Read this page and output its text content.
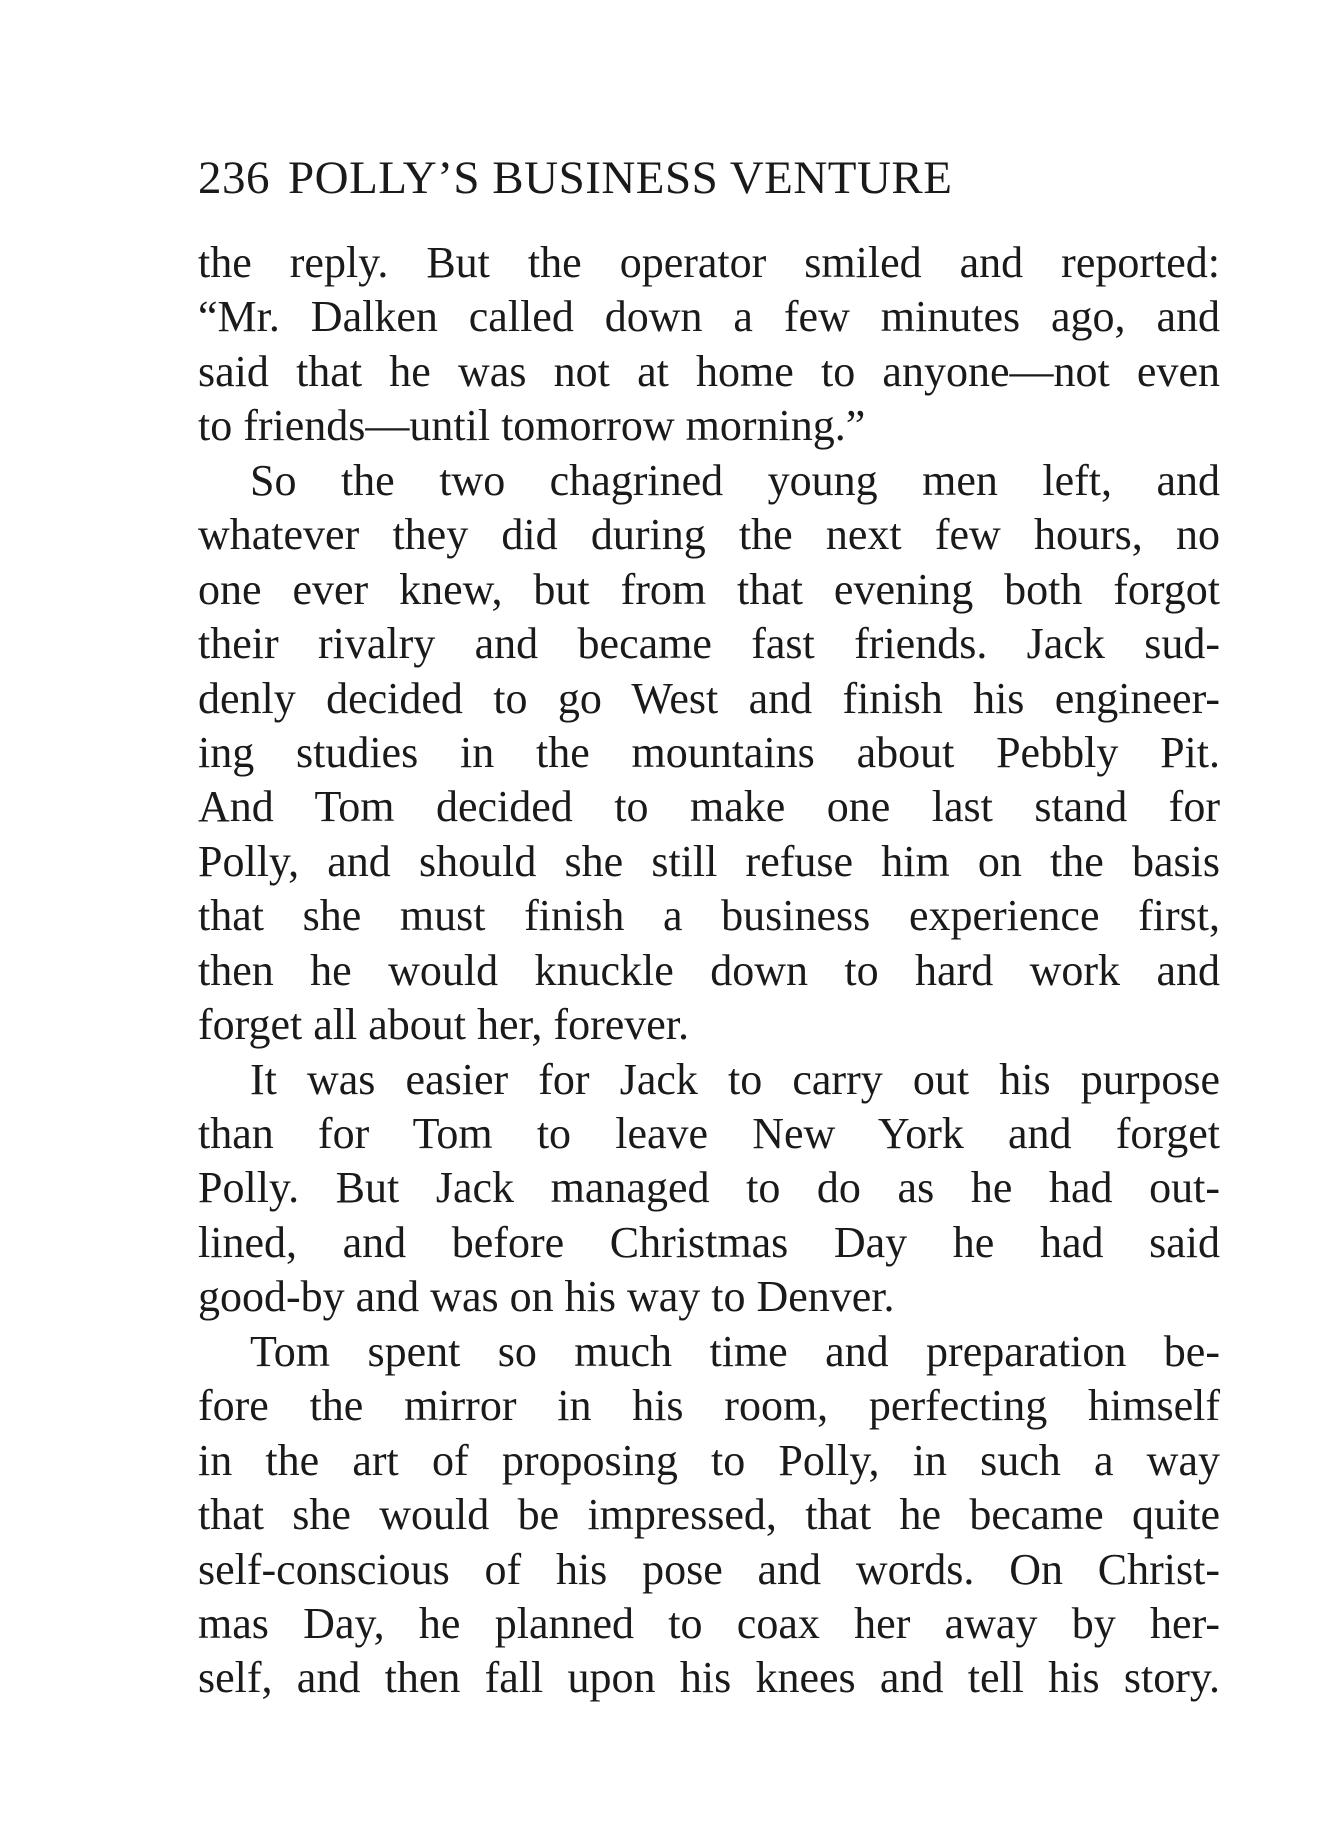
236 POLLY’S BUSINESS VENTURE
the reply. But the operator smiled and reported:
“Mr. Dalken called down a few minutes ago, and
said that he was not at home to anyone—not even
to friends—until tomorrow morning.”
So the two chagrined young men left, and
whatever they did during the next few hours, no
one ever knew, but from that evening both forgot
their rivalry and became fast friends. Jack sud-
denly decided to go West and finish his engineer-
ing studies in the mountains about Pebbly Pit.
And Tom decided to make one last stand for
Polly, and should she still refuse him on the basis
that she must finish a business experience first,
then he would knuckle down to hard work and
forget all about her, forever.
It was easier for Jack to carry out his purpose
than for Tom to leave New York and forget
Polly. But Jack managed to do as he had out-
lined, and before Christmas Day he had said
good-by and was on his way to Denver.
Tom spent so much time and preparation be-
fore the mirror in his room, perfecting himself
in the art of proposing to Polly, in such a way
that she would be impressed, that he became quite
self-conscious of his pose and words. On Christ-
mas Day, he planned to coax her away by her-
self, and then fall upon his knees and tell his story.
